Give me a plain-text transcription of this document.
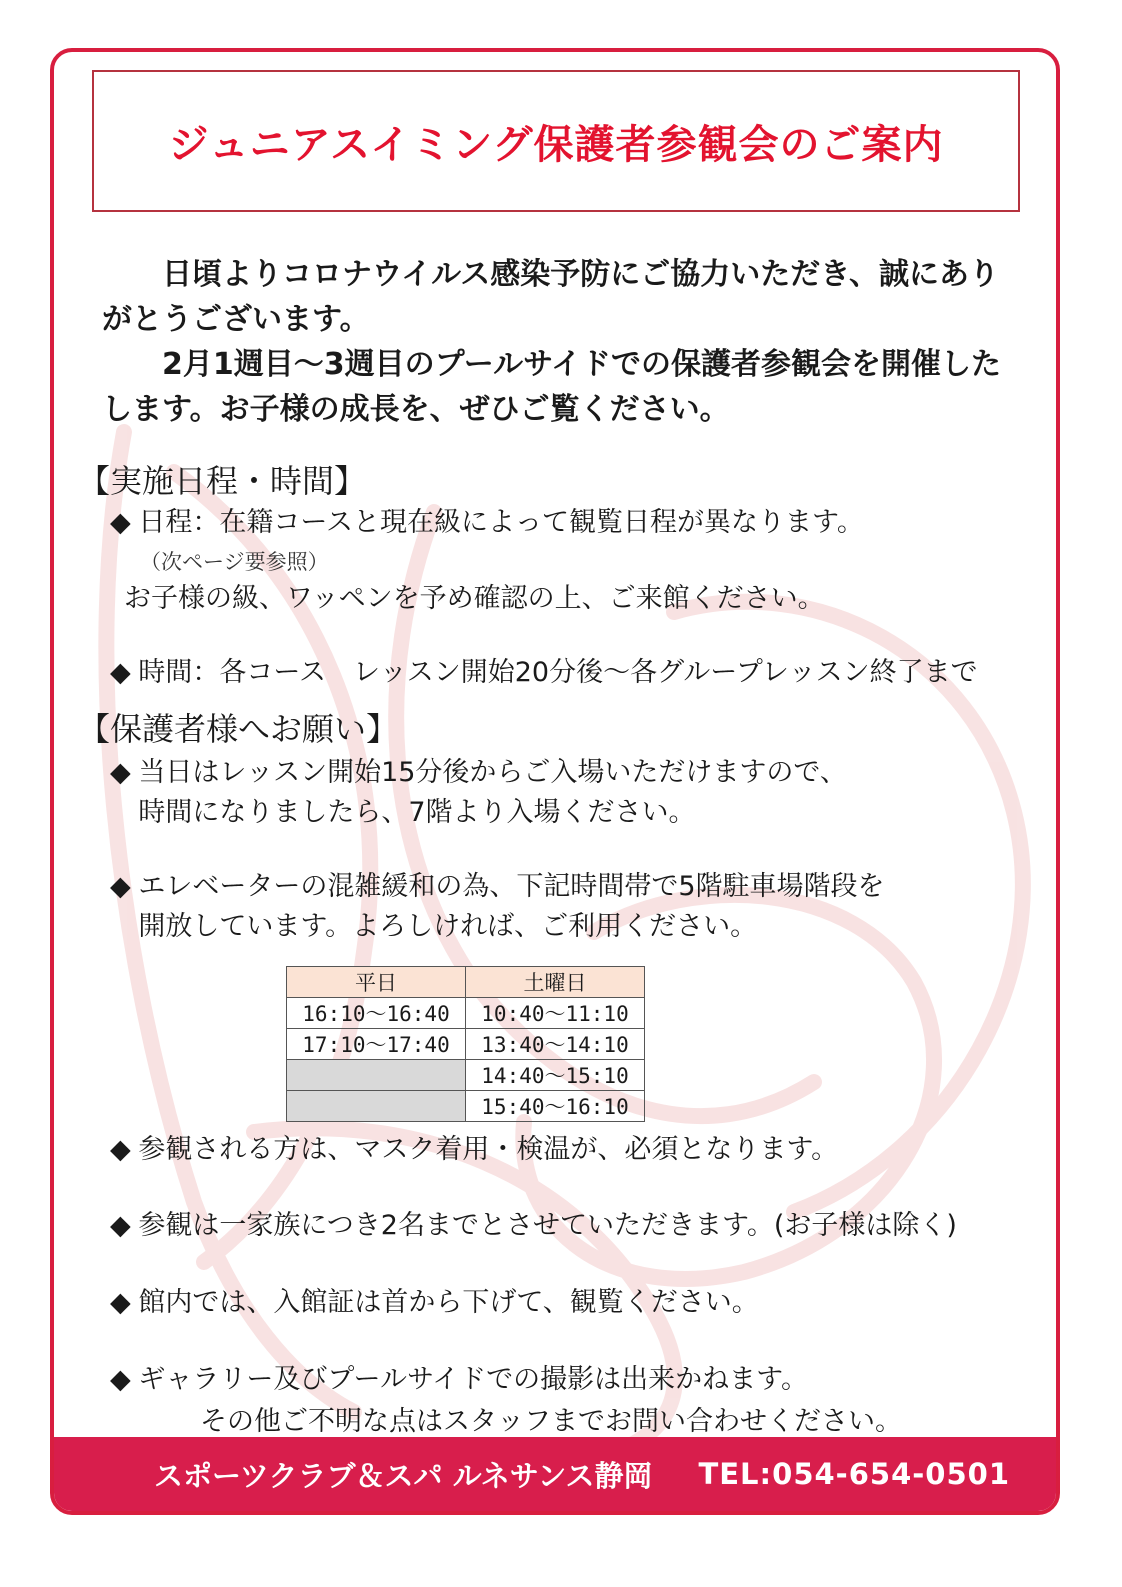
ジュニアスイミング保護者参観会のご案内

日頃よりコロナウイルス感染予防にご協力いただき、誠にありがとうございます。

2月1週目～3週目のプールサイドでの保護者参観会を開催したします。お子様の成長を、ぜひご覧ください。

【実施日程・時間】
◆ 日程：在籍コースと現在級によって観覧日程が異なります。
（次ページ要参照）
お子様の級、ワッペンを予め確認の上、ご来館ください。
◆ 時間：各コース　レッスン開始20分後～各グループレッスン終了まで
【保護者様へお願い】
◆ 当日はレッスン開始15分後からご入場いただけますので、
時間になりましたら、7階より入場ください。
◆ エレベーターの混雑緩和の為、下記時間帯で5階駐車場階段を
開放しています。よろしければ、ご利用ください。
平日	土曜日
16:10～16:40	10:40～11:10
17:10～17:40	13:40～14:10
	14:40～15:10
	15:40～16:10
◆ 参観される方は、マスク着用・検温が、必須となります。
◆ 参観は一家族につき2名までとさせていただきます。(お子様は除く)
◆ 館内では、入館証は首から下げて、観覧ください。
◆ ギャラリー及びプールサイドでの撮影は出来かねます。
その他ご不明な点はスタッフまでお問い合わせください。
スポーツクラブ＆スパ ルネサンス静岡 TEL:054-654-0501
